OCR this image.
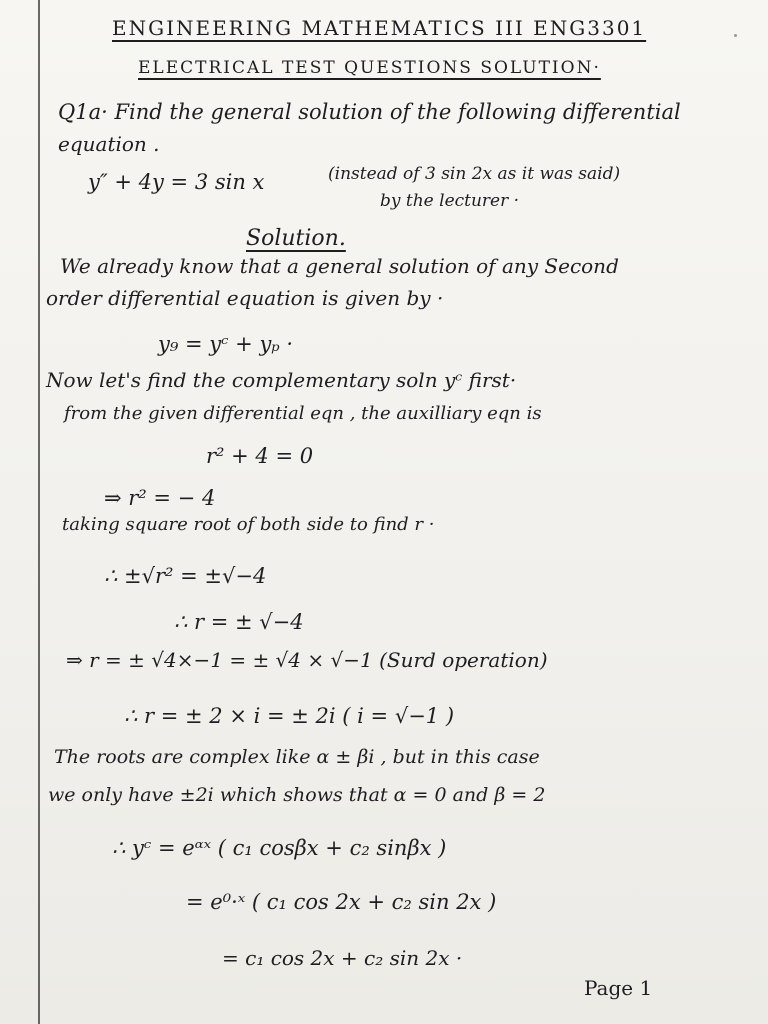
ENGINEERING MATHEMATICS III ENG3301
ELECTRICAL TEST QUESTIONS SOLUTION·
Q1a· Find the general solution of the following differential
equation .
y″ + 4y = 3 sin x	(instead of 3 sin 2x as it was said)
by the lecturer ·
Solution.
We already know that a general solution of any Second
order differential equation is given by ·
y₉ = yᶜ + yₚ ·
Now let's find the complementary soln yᶜ first·
from the given differential eqn , the auxilliary eqn is
r² + 4 = 0
⇒ r² = − 4
taking square root of both side to find r ·
∴ ±√r² = ±√−4
∴ r = ± √−4
⇒ r = ± √4×−1 = ± √4 × √−1 (Surd operation)
∴ r = ± 2 × i = ± 2i ( i = √−1 )
The roots are complex like α ± βi , but in this case
we only have ±2i which shows that α = 0 and β = 2
∴ yᶜ = eᵅˣ ( c₁ cosβx + c₂ sinβx )
= e⁰·ˣ ( c₁ cos 2x + c₂ sin 2x )
= c₁ cos 2x + c₂ sin 2x ·
Page 1
